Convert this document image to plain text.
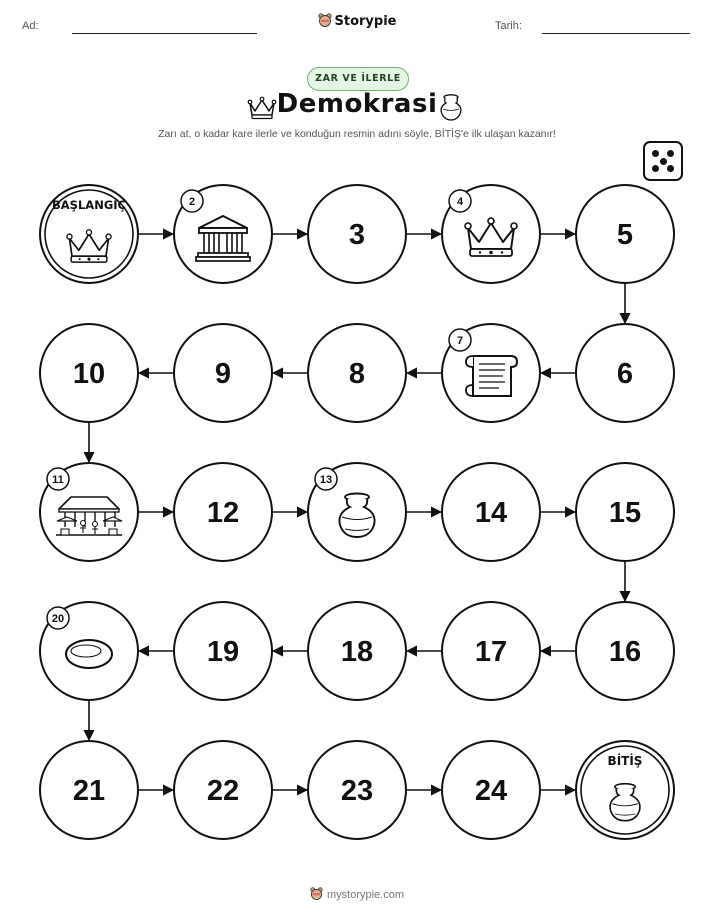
Ad:	Storypie	Tarih:
ZAR VE İLERLE
Demokrasi
Zarı at, o kadar kare ilerle ve konduğun resmin adını söyle. BİTİŞ'e ilk ulaşan kazanır!
BAŞLANGIÇ	2
3
4
5
6
7
8
9
10
11
12
13
14	15
16
17
18
19
20
21	22	23	24
BİTİŞ
mystorypie.com
